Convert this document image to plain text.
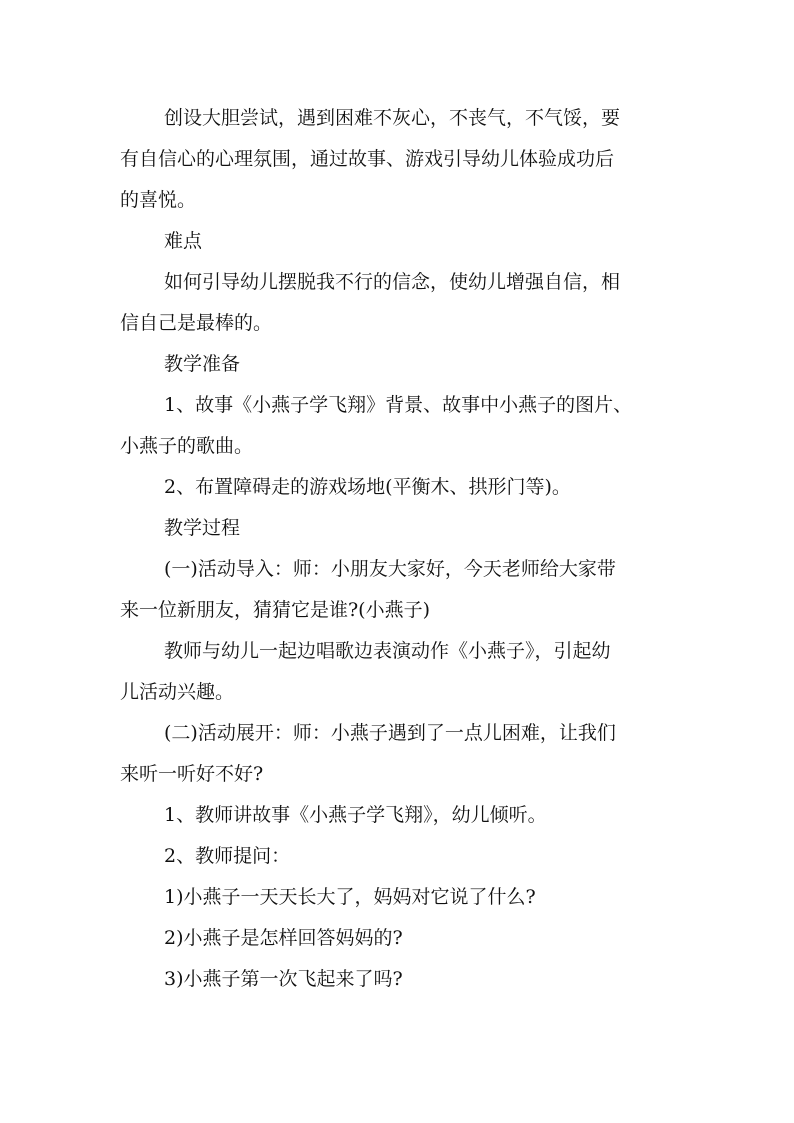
创设大胆尝试，遇到困难不灰心，不丧气，不气馁，要
有自信心的心理氛围，通过故事、游戏引导幼儿体验成功后
的喜悦。
难点
如何引导幼儿摆脱我不行的信念，使幼儿增强自信，相
信自己是最棒的。
教学准备
1、故事《小燕子学飞翔》背景、故事中小燕子的图片、
小燕子的歌曲。
2、布置障碍走的游戏场地(平衡木、拱形门等)。
教学过程
(一)活动导入：师：小朋友大家好，今天老师给大家带
来一位新朋友，猜猜它是谁?(小燕子)
教师与幼儿一起边唱歌边表演动作《小燕子》，引起幼
儿活动兴趣。
(二)活动展开：师：小燕子遇到了一点儿困难，让我们
来听一听好不好?
1、教师讲故事《小燕子学飞翔》，幼儿倾听。
2、教师提问：
1)小燕子一天天长大了，妈妈对它说了什么?
2)小燕子是怎样回答妈妈的?
3)小燕子第一次飞起来了吗?
